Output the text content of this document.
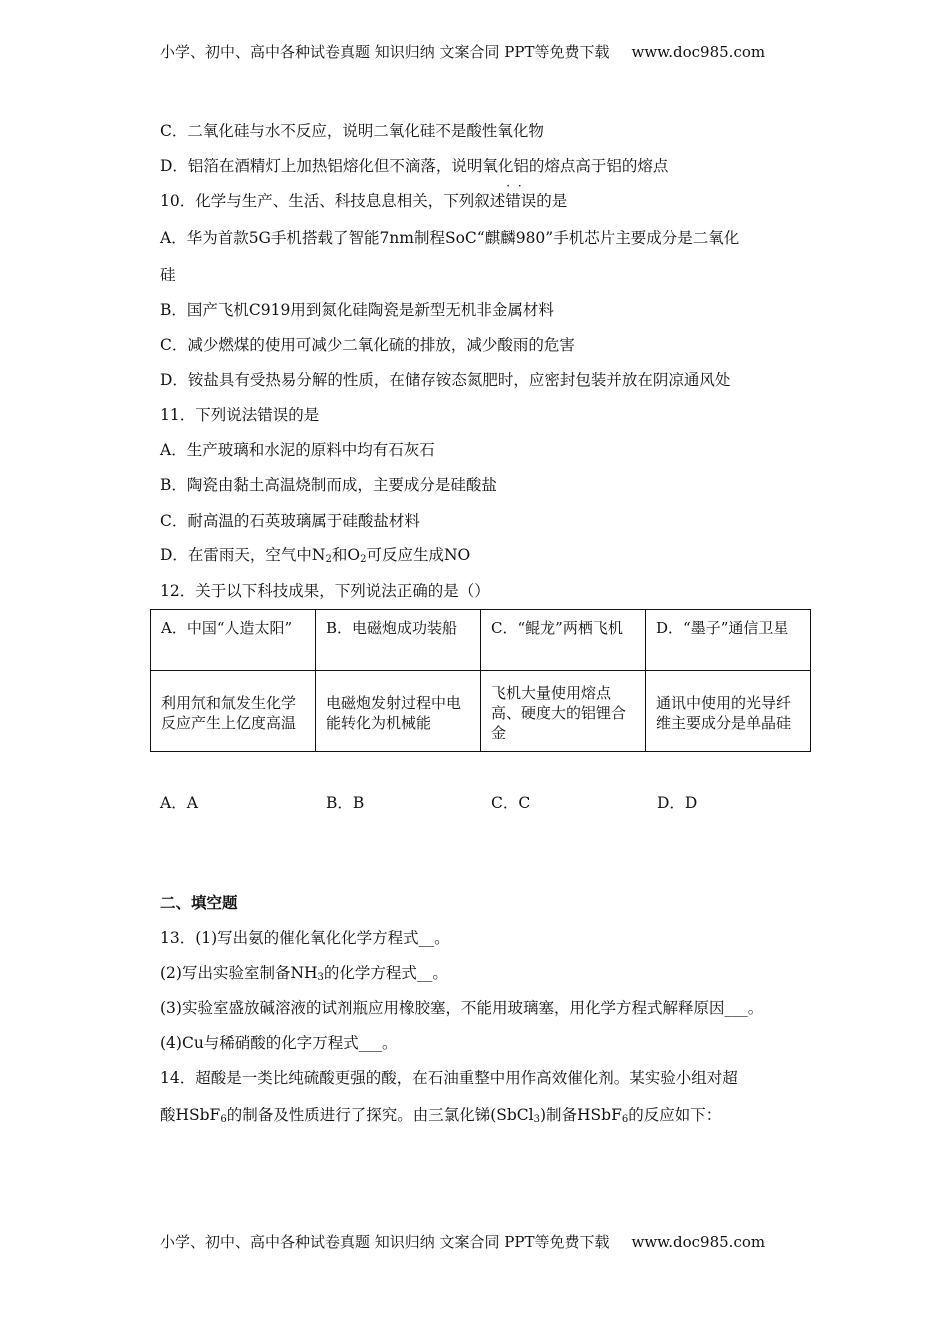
小学、初中、高中各种试卷真题 知识归纳 文案合同 PPT等免费下载 www.doc985.com
C．二氧化硅与水不反应，说明二氧化硅不是酸性氧化物
D．铝箔在酒精灯上加热铝熔化但不滴落，说明氧化铝的熔点高于铝的熔点
10．化学与生产、生活、科技息息相关，下列叙述· · 错误的是
A．华为首款5G手机搭载了智能7nm制程SoC“麒麟980”手机芯片主要成分是二氧化
硅
B．国产飞机C919用到氮化硅陶瓷是新型无机非金属材料
C．减少燃煤的使用可减少二氧化硫的排放，减少酸雨的危害
D．铵盐具有受热易分解的性质，在储存铵态氮肥时，应密封包装并放在阴凉通风处
11．下列说法错误的是
A．生产玻璃和水泥的原料中均有石灰石
B．陶瓷由黏土高温烧制而成，主要成分是硅酸盐
C．耐高温的石英玻璃属于硅酸盐材料
D．在雷雨天，空气中$N_2$和$O_2$可反应生成NO
12．关于以下科技成果，下列说法正确的是（）
A．中国“人造太阳”	B．电磁炮成功装船	C．“鲲龙”两栖飞机	D．“墨子”通信卫星
利用氘和氚发生化学反应产生上亿度高温	电磁炮发射过程中电能转化为机械能	飞机大量使用熔点高、硬度大的铝锂合金	通讯中使用的光导纤维主要成分是单晶硅
A．A	B．B	C．C	D．D
二、填空题
13．(1)写出氨的催化氧化化学方程式__。
(2)写出实验室制备$NH_3$的化学方程式__。
(3)实验室盛放碱溶液的试剂瓶应用橡胶塞，不能用玻璃塞，用化学方程式解释原因___。
(4)Cu与稀硝酸的化字万程式___。
14．超酸是一类比纯硫酸更强的酸，在石油重整中用作高效催化剂。某实验小组对超
酸HSbF$_6$的制备及性质进行了探究。由三氯化锑(SbCl$_3$)制备HSbF$_6$的反应如下：
小学、初中、高中各种试卷真题 知识归纳 文案合同 PPT等免费下载 www.doc985.com
